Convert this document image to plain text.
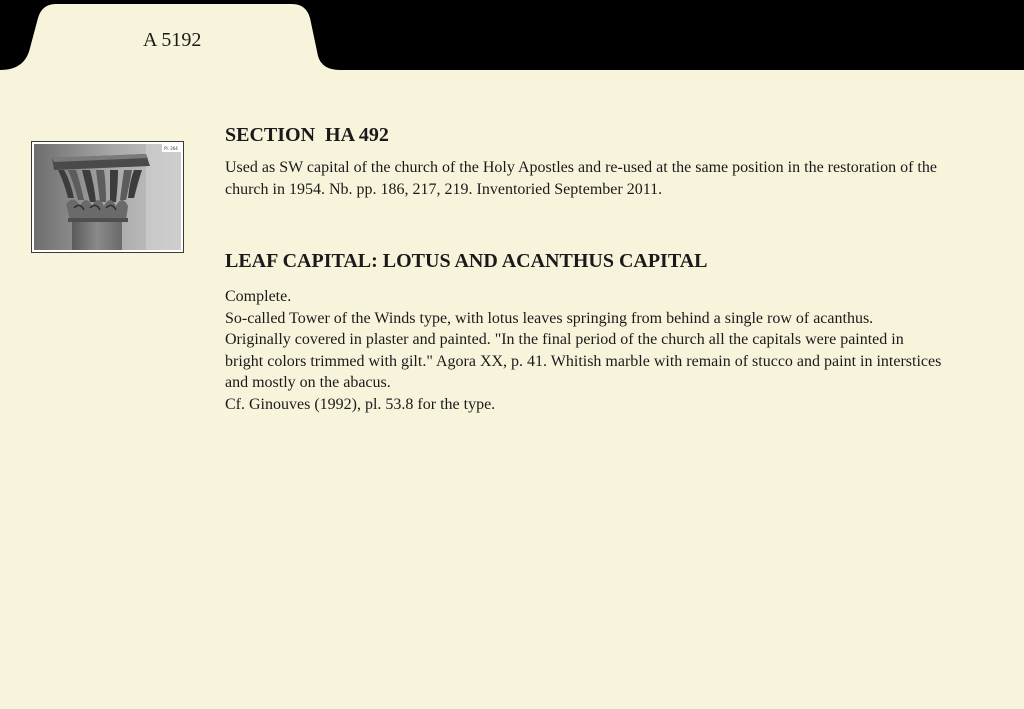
A 5192
Pl. 264
SECTION  HA 492

Used as SW capital of the church of the Holy Apostles and re-used at the same position in the restoration of the church in 1954. Nb. pp. 186, 217, 219. Inventoried September 2011.

LEAF CAPITAL: LOTUS AND ACANTHUS CAPITAL
Complete.
So-called Tower of the Winds type, with lotus leaves springing from behind a single row of acanthus.
Originally covered in plaster and painted. "In the final period of the church all the capitals were painted in bright colors trimmed with gilt." Agora XX, p. 41. Whitish marble with remain of stucco and paint in interstices and mostly on the abacus.
Cf. Ginouves (1992), pl. 53.8 for the type.
